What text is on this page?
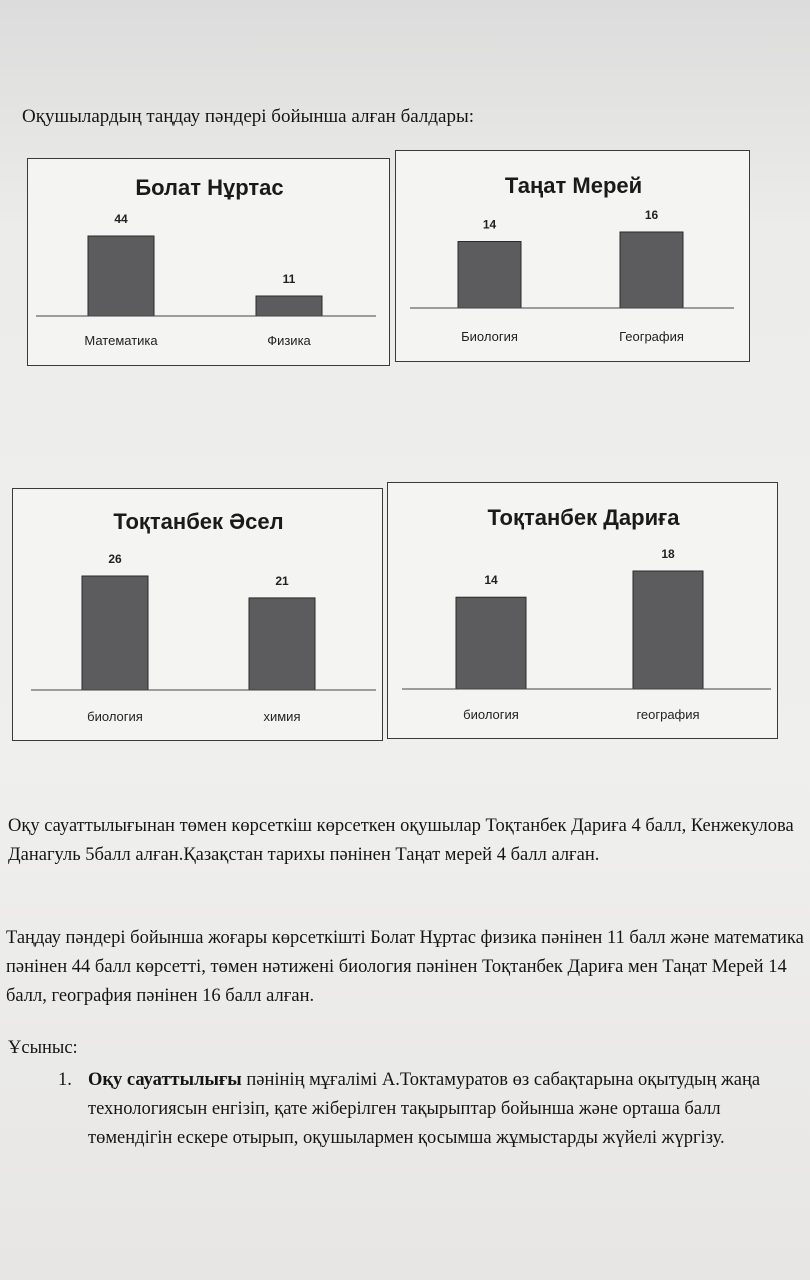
Оқушылардың таңдау пәндері бойынша алған балдары:
Болат Нұртас
44
Математика
11
Физика
Таңат Мерей
14
Биология
16
География
Тоқтанбек Әсел
26
биология
21
химия
Тоқтанбек Дариға
14
биология
18
география

Оқу сауаттылығынан төмен көрсеткіш көрсеткен оқушылар Тоқтанбек Дариға 4 балл, Кенжекулова Данагуль 5балл алған.Қазақстан тарихы пәнінен Таңат мерей 4 балл алған.

Таңдау пәндері бойынша жоғары көрсеткішті Болат Нұртас физика пәнінен 11 балл және математика пәнінен 44 балл көрсетті, төмен нәтижені биология пәнінен Тоқтанбек Дариға мен Таңат Мерей 14 балл, география пәнінен 16 балл алған.

Ұсыныс:
1. Оқу сауаттылығы пәнінің мұғалімі А.Токтамуратов өз сабақтарына оқытудың жаңа технологиясын енгізіп, қате жіберілген тақырыптар бойынша және орташа балл төмендігін ескере отырып, оқушылармен қосымша жұмыстарды жүйелі жүргізу.
